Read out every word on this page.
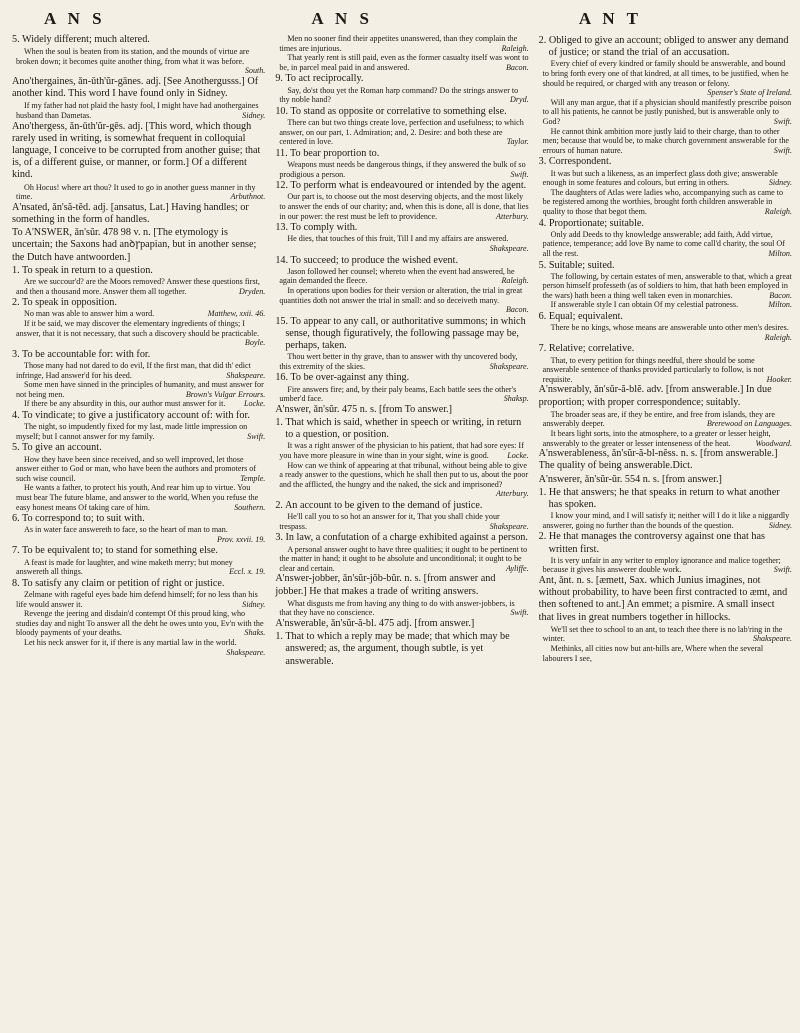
A N S	A N S	A N T
5. Widely different; much altered.
When the soul is beaten from its station, and the mounds of virtue are broken down; it becomes quite another thing, from what it was before.
South.
Ano'thergaines, ǎn-ǔth'ŭr-gānes. adj. [See Anothergusss.] Of another kind. This word I have found only in Sidney.
If my father had not plaid the hasty fool, I might have had anothergaines husband than Dametas.	Sidney.
Ano'thergess, ǎn-ǔth'ŭr-gēs. adj. [This word, which though rarely used in writing, is somewhat frequent in colloquial language, I conceive to be corrupted from another guise; that is, of a different guise, or manner, or form.] Of a different kind.
Oh Hocus! where art thou? It used to go in another guess manner in thy time.	Arbuthnot.
A'nsated, ǎn'să-tĕd. adj. [ansatus, Lat.] Having handles; or something in the form of handles.
To A'NSWER, ǎn'sŭr. 478 98 v. n. [The etymology is uncertain; the Saxons had anꝺꞅpapian, but in another sense; the Dutch have antwoorden.]
1. To speak in return to a question.
Are we succour'd? are the Moors removed? Answer these questions first, and then a thousand more. Answer them all together.	Dryden.
2. To speak in opposition.
No man was able to answer him a word.	Matthew, xxii. 46.
If it be said, we may discover the elementary ingredients of things; I answer, that it is not necessary, that such a discovery should be practicable.
Boyle.
3. To be accountable for: with for.
Those many had not dared to do evil, If the first man, that did th' edict infringe, Had answer'd for his deed.	Shakspeare.
Some men have sinned in the principles of humanity, and must answer for not being men.	Brown's Vulgar Errours.
If there be any absurdity in this, our author must answer for it.	Locke.
4. To vindicate; to give a justificatory account of: with for.
The night, so impudently fixed for my last, made little impression on myself; but I cannot answer for my family.	Swift.
5. To give an account.
How they have been since received, and so well improved, let those answer either to God or man, who have been the authors and promoters of such wise council.	Temple.
He wants a father, to protect his youth, And rear him up to virtue. You must bear The future blame, and answer to the world, When you refuse the easy honest means Of taking care of him.	Southern.
6. To correspond to; to suit with.
As in water face answereth to face, so the heart of man to man.
Prov. xxvii. 19.
7. To be equivalent to; to stand for something else.
A feast is made for laughter, and wine maketh merry; but money answereth all things.	Eccl. x. 19.
8. To satisfy any claim or petition of right or justice.
Zelmane with rageful eyes bade him defend himself; for no less than his life would answer it.	Sidney.
Revenge the jeering and disdain'd contempt Of this proud king, who studies day and night To answer all the debt he owes unto you, Ev'n with the bloody payments of your deaths.	Shaks.
Let his neck answer for it, if there is any martial law in the world.
Shakspeare.
Men no sooner find their appetites unanswered, than they complain the times are injurious.	Raleigh.
That yearly rent is still paid, even as the former casualty itself was wont to be, in parcel meal paid in and answered.	Bacon.
9. To act reciprocally.
Say, do'st thou yet the Roman harp command? Do the strings answer to thy noble hand?	Dryd.
10. To stand as opposite or correlative to something else.
There can but two things create love, perfection and usefulness; to which answer, on our part, 1. Admiration; and, 2. Desire: and both these are centered in love.	Taylor.
11. To bear proportion to.
Weapons must needs be dangerous things, if they answered the bulk of so prodigious a person.	Swift.
12. To perform what is endeavoured or intended by the agent.
Our part is, to choose out the most deserving objects, and the most likely to answer the ends of our charity; and, when this is done, all is done, that lies in our power: the rest must be left to providence.	Atterbury.
13. To comply with.
He dies, that touches of this fruit, Till I and my affairs are answered.
Shakspeare.
14. To succeed; to produce the wished event.
Jason followed her counsel; whereto when the event had answered, he again demanded the fleece.	Raleigh.
In operations upon bodies for their version or alteration, the trial in great quantities doth not answer the trial in small: and so deceiveth many.
Bacon.
15. To appear to any call, or authoritative summons; in which sense, though figuratively, the following passage may be, perhaps, taken.
Thou wert better in thy grave, than to answer with thy uncovered body, this extremity of the skies.	Shakspeare.
16. To be over-against any thing.
Fire answers fire; and, by their paly beams, Each battle sees the other's umber'd face.	Shaksp.
A'nswer, ǎn'sŭr. 475 n. s. [from To answer.]
1. That which is said, whether in speech or writing, in return to a question, or position.
It was a right answer of the physician to his patient, that had sore eyes: If you have more pleasure in wine than in your sight, wine is good.	Locke.
How can we think of appearing at that tribunal, without being able to give a ready answer to the questions, which he shall then put to us, about the poor and the afflicted, the hungry and the naked, the sick and imprisoned?
Atterbury.
2. An account to be given to the demand of justice.
He'll call you to so hot an answer for it, That you shall chide your trespass.	Shakspeare.
3. In law, a confutation of a charge exhibited against a person.
A personal answer ought to have three qualities; it ought to be pertinent to the matter in hand; it ought to be absolute and unconditional; it ought to be clear and certain.	Ayliffe.
A'nswer-jobber, ǎn'sŭr-jŏb-bŭr. n. s. [from answer and jobber.] He that makes a trade of writing answers.
What disgusts me from having any thing to do with answer-jobbers, is that they have no conscience.	Swift.
A'nswerable, ǎn'sŭr-ă-bl. 475 adj. [from answer.]
1. That to which a reply may be made; that which may be answered; as, the argument, though subtle, is yet answerable.
2. Obliged to give an account; obliged to answer any demand of justice; or stand the trial of an accusation.
Every chief of every kindred or family should be answerable, and bound to bring forth every one of that kindred, at all times, to be justified, when he should be required, or charged with any treason or felony.
Spenser's State of Ireland.
Will any man argue, that if a physician should manifestly prescribe poison to all his patients, he cannot be justly punished, but is answerable only to God?	Swift.
He cannot think ambition more justly laid to their charge, than to other men; because that would be, to make church government answerable for the errours of human nature.	Swift.
3. Correspondent.
It was but such a likeness, as an imperfect glass doth give; answerable enough in some features and colours, but erring in others.	Sidney.
The daughters of Atlas were ladies who, accompanying such as came to be registered among the worthies, brought forth children answerable in quality to those that begot them.	Raleigh.
4. Proportionate; suitable.
Only add Deeds to thy knowledge answerable; add faith, Add virtue, patience, temperance; add love By name to come call'd charity, the soul Of all the rest.	Milton.
5. Suitable; suited.
The following, by certain estates of men, answerable to that, which a great person himself professeth (as of soldiers to him, that hath been employed in the wars) hath been a thing well taken even in monarchies.	Bacon.
If answerable style I can obtain Of my celestial patroness.	Milton.
6. Equal; equivalent.
There be no kings, whose means are answerable unto other men's desires.
Raleigh.
7. Relative; correlative.
That, to every petition for things needful, there should be some answerable sentence of thanks provided particularly to follow, is not requisite.	Hooker.
A'nswerably, ǎn'sŭr-ă-blĕ. adv. [from answerable.] In due proportion; with proper correspondence; suitably.
The broader seas are, if they be entire, and free from islands, they are answerably deeper.	Brerewood on Languages.
It bears light sorts, into the atmosphere, to a greater or lesser height, answerably to the greater or lesser intenseness of the heat.	Woodward.
A'nswerableness, ǎn'sŭr-ă-bl-nĕss. n. s. [from answerable.] The quality of being answerable.Dict.
A'nswerer, ǎn'sŭr-ŭr. 554 n. s. [from answer.]
1. He that answers; he that speaks in return to what another has spoken.
I know your mind, and I will satisfy it; neither will I do it like a niggardly answerer, going no further than the bounds of the question.	Sidney.
2. He that manages the controversy against one that has written first.
It is very unfair in any writer to employ ignorance and malice together; because it gives his answerer double work.	Swift.
Ant, ǎnt. n. s. [æmett, Sax. which Junius imagines, not without probability, to have been first contracted to æmt, and then softened to ant.] An emmet; a pismire. A small insect that lives in great numbers together in hillocks.
We'll set thee to school to an ant, to teach thee there is no lab'ring in the winter.	Shakspeare.
Methinks, all cities now but ant-hills are, Where when the several labourers I see,
